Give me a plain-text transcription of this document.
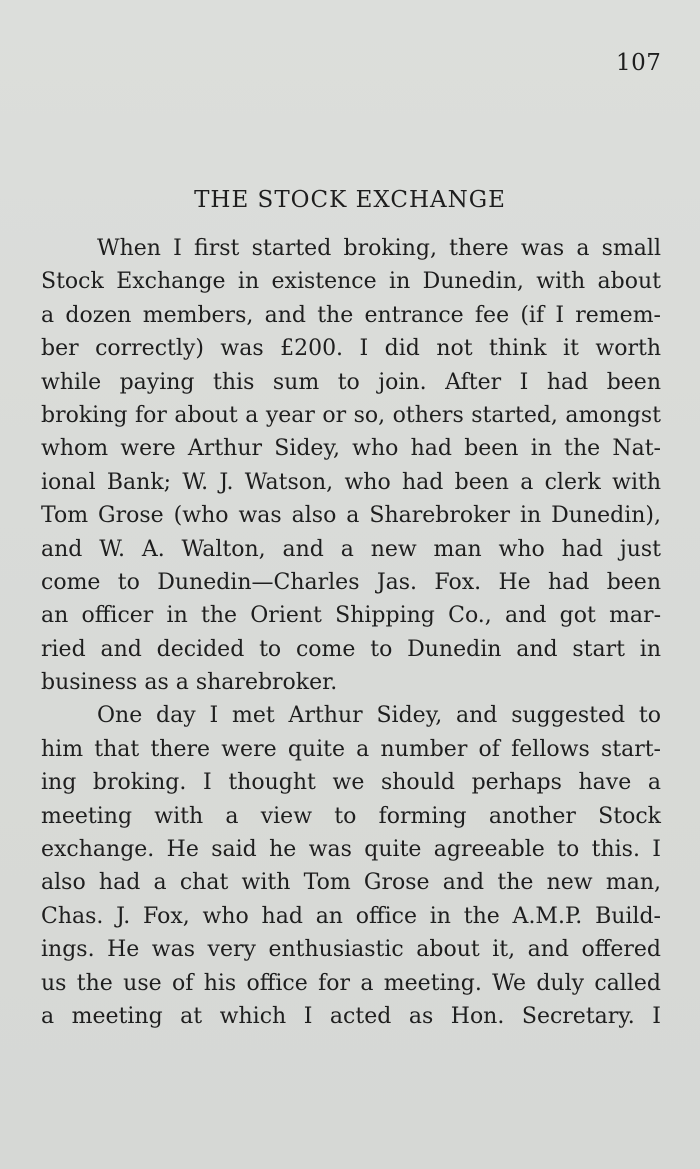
107
THE STOCK EXCHANGE
When I first started broking, there was a small
Stock Exchange in existence in Dunedin, with about
a dozen members, and the entrance fee (if I remem-
ber correctly) was £200. I did not think it worth
while paying this sum to join. After I had been
broking for about a year or so, others started, amongst
whom were Arthur Sidey, who had been in the Nat-
ional Bank; W. J. Watson, who had been a clerk with
Tom Grose (who was also a Sharebroker in Dunedin),
and W. A. Walton, and a new man who had just
come to Dunedin—Charles Jas. Fox. He had been
an officer in the Orient Shipping Co., and got mar-
ried and decided to come to Dunedin and start in
business as a sharebroker.
One day I met Arthur Sidey, and suggested to
him that there were quite a number of fellows start-
ing broking. I thought we should perhaps have a
meeting with a view to forming another Stock
exchange. He said he was quite agreeable to this. I
also had a chat with Tom Grose and the new man,
Chas. J. Fox, who had an office in the A.M.P. Build-
ings. He was very enthusiastic about it, and offered
us the use of his office for a meeting. We duly called
a meeting at which I acted as Hon. Secretary. I
